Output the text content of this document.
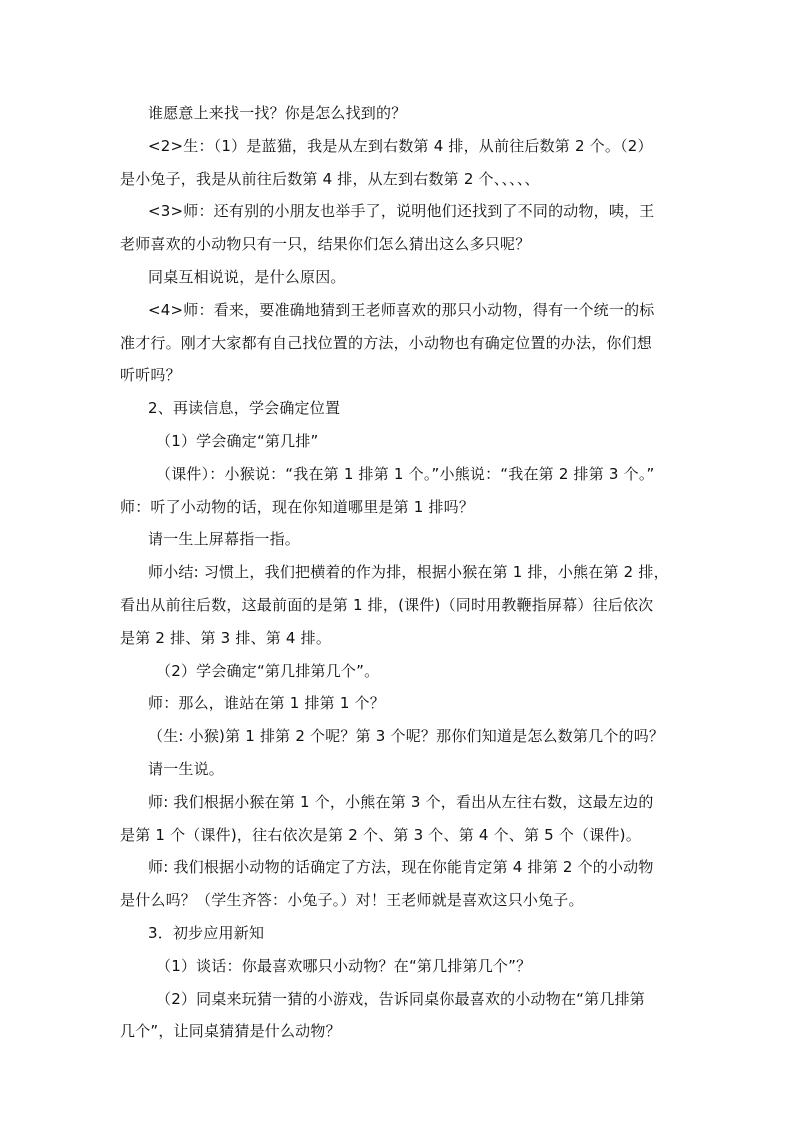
谁愿意上来找一找？你是怎么找到的？
<2>生：（1）是蓝猫，我是从左到右数第 4 排，从前往后数第 2 个。（2）
是小兔子，我是从前往后数第 4 排，从左到右数第 2 个、、、、、
<3>师：还有别的小朋友也举手了，说明他们还找到了不同的动物，咦，王
老师喜欢的小动物只有一只，结果你们怎么猜出这么多只呢？
同桌互相说说，是什么原因。
<4>师：看来，要准确地猜到王老师喜欢的那只小动物，得有一个统一的标
准才行。刚才大家都有自己找位置的方法，小动物也有确定位置的办法，你们想
听听吗？
2、再读信息，学会确定位置
（1）学会确定“第几排”
（课件）：小猴说：“我在第 1 排第 1 个。”小熊说：“我在第 2 排第 3 个。”
师：听了小动物的话，现在你知道哪里是第 1 排吗？
请一生上屏幕指一指。
师小结: 习惯上，我们把横着的作为排，根据小猴在第 1 排，小熊在第 2 排，
看出从前往后数，这最前面的是第 1 排，(课件)（同时用教鞭指屏幕）往后依次
是第 2 排、第 3 排、第 4 排。
（2）学会确定“第几排第几个”。
师：那么，谁站在第 1 排第 1 个？
（生: 小猴)第 1 排第 2 个呢？第 3 个呢？那你们知道是怎么数第几个的吗？
请一生说。
师: 我们根据小猴在第 1 个，小熊在第 3 个，看出从左往右数，这最左边的
是第 1 个（课件)，往右依次是第 2 个、第 3 个、第 4 个、第 5 个（课件)。
师: 我们根据小动物的话确定了方法，现在你能肯定第 4 排第 2 个的小动物
是什么吗？（学生齐答：小兔子。）对！王老师就是喜欢这只小兔子。
3．初步应用新知
（1）谈话：你最喜欢哪只小动物？在“第几排第几个”？
（2）同桌来玩猜一猜的小游戏，告诉同桌你最喜欢的小动物在“第几排第
几个”，让同桌猜猜是什么动物？
